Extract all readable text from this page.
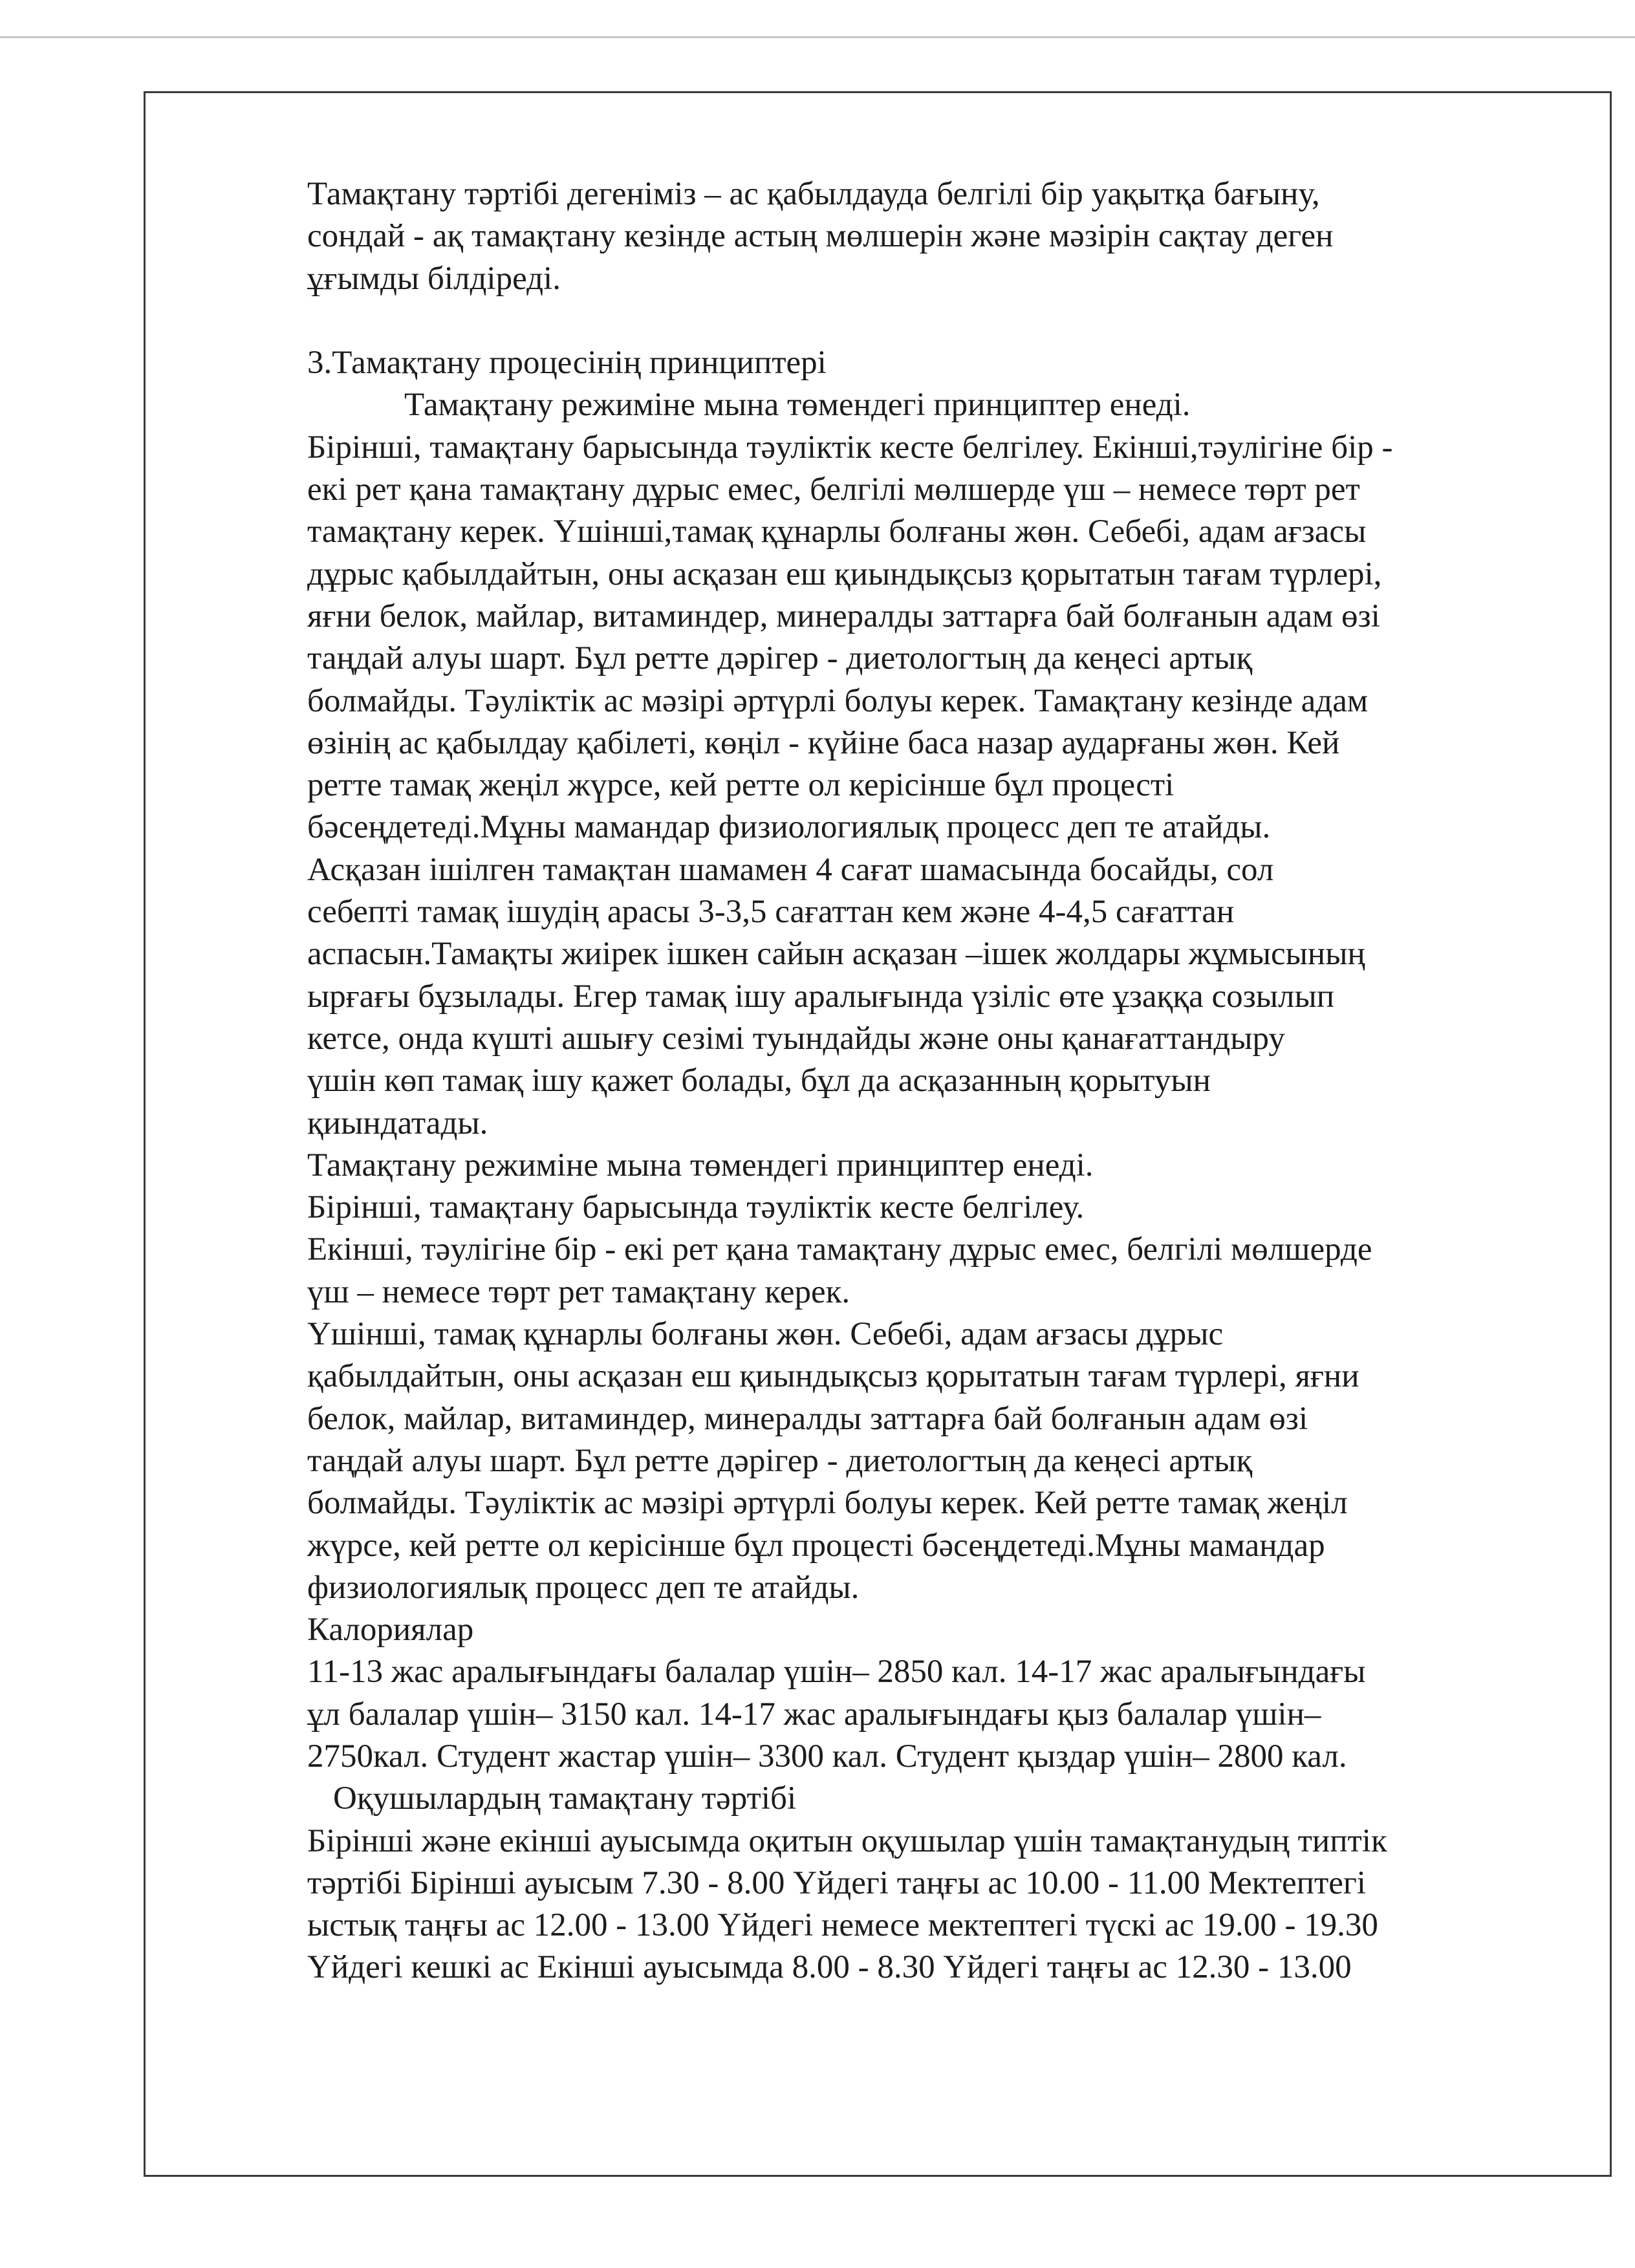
Тамақтану тәртібі дегеніміз – ас қабылдауда белгілі бір уақытқа бағыну,
сондай - ақ тамақтану кезінде астың мөлшерін және мәзірін сақтау деген
ұғымды білдіреді.
3.Тамақтану процесінің принциптері
Тамақтану режиміне мына төмендегі принциптер енеді.
Бірінші, тамақтану барысында тәуліктік кесте белгілеу. Екінші,тәулігіне бір -
екі рет қана тамақтану дұрыс емес, белгілі мөлшерде үш – немесе төрт рет
тамақтану керек. Үшінші,тамақ құнарлы болғаны жөн. Себебі, адам ағзасы
дұрыс қабылдайтын, оны асқазан еш қиындықсыз қорытатын тағам түрлері,
яғни белок, майлар, витаминдер, минералды заттарға бай болғанын адам өзі
таңдай алуы шарт. Бұл ретте дәрігер - диетологтың да кеңесі артық
болмайды. Тәуліктік ас мәзірі әртүрлі болуы керек. Тамақтану кезінде адам
өзінің ас қабылдау қабілеті, көңіл - күйіне баса назар аударғаны жөн. Кей
ретте тамақ жеңіл жүрсе, кей ретте ол керісінше бұл процесті
бәсеңдетеді.Мұны мамандар физиологиялық процесс деп те атайды.
Асқазан ішілген тамақтан шамамен 4 сағат шамасында босайды, сол
себепті тамақ ішудің арасы 3-3,5 сағаттан кем және 4-4,5 сағаттан
аспасын.Тамақты жиірек ішкен сайын асқазан –ішек жолдары жұмысының
ырғағы бұзылады. Егер тамақ ішу аралығында үзіліс өте ұзаққа созылып
кетсе, онда күшті ашығу сезімі туындайды және оны қанағаттандыру
үшін көп тамақ ішу қажет болады, бұл да асқазанның қорытуын
қиындатады.
Тамақтану режиміне мына төмендегі принциптер енеді.
Бірінші, тамақтану барысында тәуліктік кесте белгілеу.
Екінші, тәулігіне бір - екі рет қана тамақтану дұрыс емес, белгілі мөлшерде
үш – немесе төрт рет тамақтану керек.
Үшінші, тамақ құнарлы болғаны жөн. Себебі, адам ағзасы дұрыс
қабылдайтын, оны асқазан еш қиындықсыз қорытатын тағам түрлері, яғни
белок, майлар, витаминдер, минералды заттарға бай болғанын адам өзі
таңдай алуы шарт. Бұл ретте дәрігер - диетологтың да кеңесі артық
болмайды. Тәуліктік ас мәзірі әртүрлі болуы керек. Кей ретте тамақ жеңіл
жүрсе, кей ретте ол керісінше бұл процесті бәсеңдетеді.Мұны мамандар
физиологиялық процесс деп те атайды.
Калориялар
11-13 жас аралығындағы балалар үшін– 2850 кал. 14-17 жас аралығындағы
ұл балалар үшін– 3150 кал. 14-17 жас аралығындағы қыз балалар үшін–
2750кал. Студент жастар үшін– 3300 кал. Студент қыздар үшін– 2800 кал.
Оқушылардың тамақтану тәртібі
Бірінші және екінші ауысымда оқитын оқушылар үшін тамақтанудың типтік
тәртібі Бірінші ауысым 7.30 - 8.00 Үйдегі таңғы ас 10.00 - 11.00 Мектептегі
ыстық таңғы ас 12.00 - 13.00 Үйдегі немесе мектептегі түскі ас 19.00 - 19.30
Үйдегі кешкі ас Екінші ауысымда 8.00 - 8.30 Үйдегі таңғы ас 12.30 - 13.00
